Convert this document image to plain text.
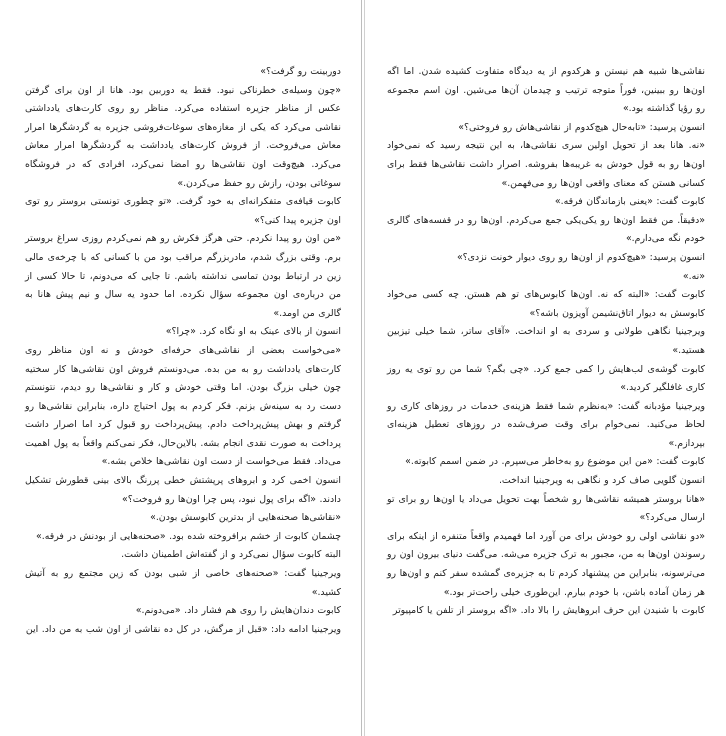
دوربینت رو گرفت؟»

«چون وسیله‌ی خطرناکی نبود. فقط یه دوربین بود. هانا از اون برای گرفتن عکس از مناظر جزیره استفاده می‌کرد. مناظر رو روی کارت‌های یادداشتی نقاشی می‌کرد که یکی از مغازه‌های سوغات‌فروشی جزیره به گردشگرها امرار معاش می‌فروخت. از فروش کارت‌های یادداشت به گردشگرها امرار معاش می‌کرد. هیچ‌وقت اون نقاشی‌ها رو امضا نمی‌کرد، افرادی که در فروشگاه سوغاتی بودن، رازش رو حفظ می‌کردن.»

کابوت قیافه‌ی متفکرانه‌ای به خود گرفت. «تو چطوری تونستی بروستر رو توی اون جزیره پیدا کنی؟»

«من اون رو پیدا نکردم. حتی هرگز فکرش رو هم نمی‌کردم روزی سراغ بروستر برم. وقتی بزرگ شدم، مادربزرگم مراقب بود من با کسانی که با چرخه‌ی مالی زین در ارتباط بودن تماسی نداشته باشم. تا جایی که می‌دونم، تا حالا کسی از من درباره‌ی اون مجموعه سؤال نکرده. اما حدود یه سال و نیم پیش هانا به گالری من اومد.»

انسون از بالای عینک به او نگاه کرد. «چرا؟»

«می‌خواست بعضی از نقاشی‌های حرفه‌ای خودش و نه اون مناظر روی کارت‌های یادداشت رو به من بده. می‌دونستم فروش اون نقاشی‌ها کار سختیه چون خیلی بزرگ بودن. اما وقتی خودش و کار و نقاشی‌ها رو دیدم، نتونستم دست رد به سینه‌ش بزنم. فکر کردم به پول احتیاج داره، بنابراین نقاشی‌ها رو گرفتم و بهش پیش‌پرداخت دادم. پیش‌پرداخت رو قبول کرد اما اصرار داشت پرداخت به صورت نقدی انجام بشه. بالاین‌حال، فکر نمی‌کنم واقعاً به پول اهمیت می‌داد. فقط می‌خواست از دست اون نقاشی‌ها خلاص بشه.»

انسون اخمی کرد و ابروهای پرپشتش خطی پررنگ بالای بینی قطورش تشکیل دادند. «اگه برای پول نبود، پس چرا اون‌ها رو فروخت؟»

«نقاشی‌ها صحنه‌هایی از بدترین کابوسش بودن.»

چشمان کابوت از خشم برافروخته شده بود. «صحنه‌هایی از بودنش در فرقه.»

البته کابوت سؤال نمی‌کرد و از گفته‌اش اطمینان داشت.

ویرجینیا گفت: «صحنه‌های خاصی از شبی بودن که زین مجتمع رو به آتیش کشید.»

کابوت دندان‌هایش را روی هم فشار داد. «می‌دونم.»

ویرجینیا ادامه داد: «قبل از مرگش، در کل ده نقاشی از اون شب به من داد. این

نقاشی‌ها شبیه هم نیستن و هرکدوم از یه دیدگاه متفاوت کشیده شدن. اما اگه اون‌ها رو ببینین، فوراً متوجه ترتیب و چیدمان آن‌ها می‌شین. اون اسم مجموعه رو رؤیا گذاشته بود.»

انسون پرسید: «تابه‌حال هیچ‌کدوم از نقاشی‌هاش رو فروختی؟»

«نه. هانا بعد از تحویل اولین سری نقاشی‌ها، به این نتیجه رسید که نمی‌خواد اون‌ها رو به قول خودش به غریبه‌ها بفروشه. اصرار داشت نقاشی‌ها فقط برای کسانی هستن که معنای واقعی اون‌ها رو می‌فهمن.»

کابوت گفت: «یعنی بازماندگان فرقه.»

«دقیقاً. من فقط اون‌ها رو یکی‌یکی جمع می‌کردم. اون‌ها رو در قفسه‌های گالری خودم نگه می‌دارم.»

انسون پرسید: «هیچ‌کدوم از اون‌ها رو روی دیوار خونت نزدی؟»

«نه.»

کابوت گفت: «البته که نه. اون‌ها کابوس‌های تو هم هستن. چه کسی می‌خواد کابوسش به دیوار اتاق‌نشیمن آویزون باشه؟»

ویرجینیا نگاهی طولانی و سردی به او انداخت. «آقای ساتر، شما خیلی تیزبین هستید.»

کابوت گوشه‌ی لب‌هایش را کمی جمع کرد. «چی بگم؟ شما من رو توی یه روز کاری غافلگیر کردید.»

ویرجینیا مؤدبانه گفت: «به‌نظرم شما فقط هزینه‌ی خدمات در روزهای کاری رو لحاظ می‌کنید. نمی‌خوام برای وقت صرف‌شده در روزهای تعطیل هزینه‌ای بپردازم.»

کابوت گفت: «من این موضوع رو به‌خاطر می‌سپرم. در ضمن اسمم کابوته.»

انسون گلویی صاف کرد و نگاهی به ویرجینیا انداخت.

«هانا بروستر همیشه نقاشی‌ها رو شخصاً بهت تحویل می‌داد یا اون‌ها رو برای تو ارسال می‌کرد؟»

«دو نقاشی اولی رو خودش برای من آورد اما فهمیدم واقعاً متنفره از اینکه برای رسوندن اون‌ها به من، مجبور به ترک جزیره می‌شه. می‌گفت دنیای بیرون اون رو می‌ترسونه، بنابراین من پیشنهاد کردم تا به جزیره‌ی گمشده سفر کنم و اون‌ها رو هر زمان آماده باشن، با خودم بیارم. این‌طوری خیلی راحت‌تر بود.»

کابوت با شنیدن این حرف ابروهایش را بالا داد. «اگه بروستر از تلفن یا کامپیوتر
